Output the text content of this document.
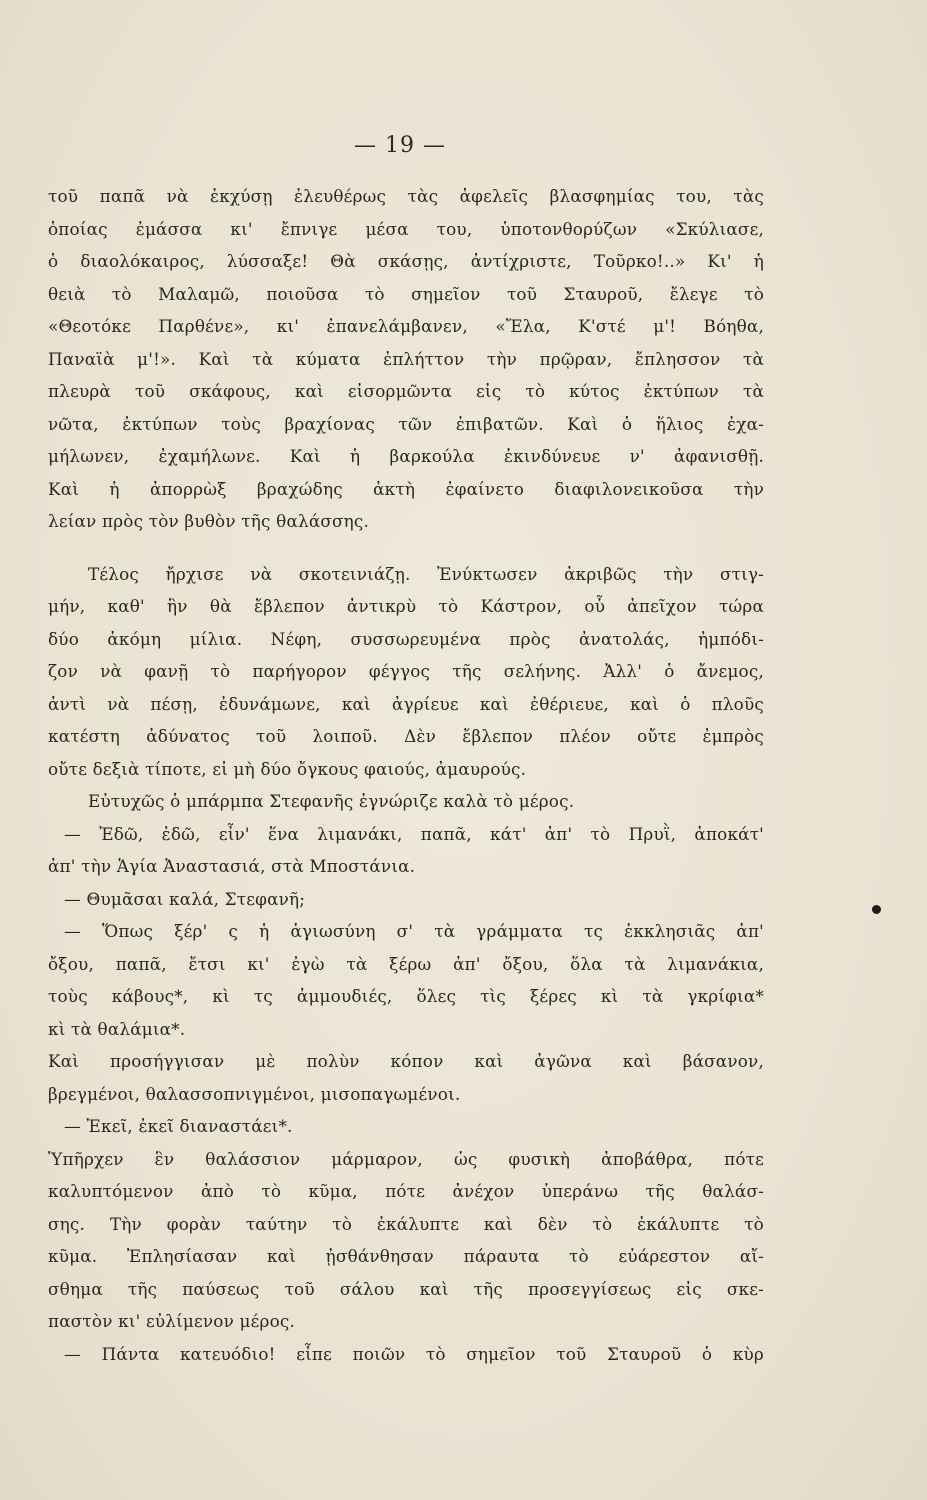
— 19 —
τοῦ παπᾶ νὰ ἐκχύσῃ ἐλευθέρως τὰς ἀφελεῖς βλασφημίας του, τὰς
ὁποίας ἐμάσσα κι' ἔπνιγε μέσα του, ὑποτονθορύζων «Σκύλιασε,
ὁ διαολόκαιρος, λύσσαξε! Θὰ σκάσῃς, ἀντίχριστε, Τοῦρκο!..» Κι' ἡ
θειὰ τὸ Μαλαμῶ, ποιοῦσα τὸ σημεῖον τοῦ Σταυροῦ, ἔλεγε τὸ
«Θεοτόκε Παρθένε», κι' ἐπανελάμβανεν, «Ἔλα, Κ'στέ μ'! Βόηθα,
Παναϊὰ μ'!». Καὶ τὰ κύματα ἐπλήττον τὴν πρῷραν, ἔπλησσον τὰ
πλευρὰ τοῦ σκάφους, καὶ εἰσορμῶντα εἰς τὸ κύτος ἐκτύπων τὰ
νῶτα, ἐκτύπων τοὺς βραχίονας τῶν ἐπιβατῶν. Καὶ ὁ ἥλιος ἐχα-
μήλωνεν, ἐχαμήλωνε. Καὶ ἡ βαρκούλα ἐκινδύνευε ν' ἀφανισθῇ.
Καὶ ἡ ἀπορρὼξ βραχώδης ἀκτὴ ἐφαίνετο διαφιλονεικοῦσα τὴν
λείαν πρὸς τὸν βυθὸν τῆς θαλάσσης.
Τέλος ἤρχισε νὰ σκοτεινιάζῃ. Ἐνύκτωσεν ἀκριβῶς τὴν στιγ-
μήν, καθ' ἣν θὰ ἔβλεπον ἀντικρὺ τὸ Κάστρον, οὗ ἀπεῖχον τώρα
δύο ἀκόμη μίλια. Νέφη, συσσωρευμένα πρὸς ἀνατολάς, ἠμπόδι-
ζον νὰ φανῇ τὸ παρήγορον φέγγος τῆς σελήνης. Ἀλλ' ὁ ἄνεμος,
ἀντὶ νὰ πέσῃ, ἐδυνάμωνε, καὶ ἀγρίευε καὶ ἐθέριευε, καὶ ὁ πλοῦς
κατέστη ἀδύνατος τοῦ λοιποῦ. Δὲν ἔβλεπον πλέον οὔτε ἐμπρὸς
οὔτε δεξιὰ τίποτε, εἰ μὴ δύο ὄγκους φαιούς, ἀμαυρούς.
Εὐτυχῶς ὁ μπάρμπα Στεφανῆς ἐγνώριζε καλὰ τὸ μέρος.
— Ἐδῶ, ἐδῶ, εἶν' ἕνα λιμανάκι, παπᾶ, κάτ' ἀπ' τὸ Πρυῒ, ἀποκάτ'
ἀπ' τὴν Ἁγία Ἀναστασιά, στὰ Μποστάνια.
— Θυμᾶσαι καλά, Στεφανῆ;
— Ὅπως ξέρ' ς ἡ ἁγιωσύνη σ' τὰ γράμματα τς ἐκκλησιᾶς ἀπ'
ὄξου, παπᾶ, ἔτσι κι' ἐγὼ τὰ ξέρω ἀπ' ὄξου, ὅλα τὰ λιμανάκια,
τοὺς κάβους*, κὶ τς ἀμμουδιές, ὅλες τὶς ξέρες κὶ τὰ γκρίφια*
κὶ τὰ θαλάμια*.
Καὶ προσήγγισαν μὲ πολὺν κόπον καὶ ἀγῶνα καὶ βάσανον,
βρεγμένοι, θαλασσοπνιγμένοι, μισοπαγωμένοι.
— Ἐκεῖ, ἐκεῖ διαναστάει*.
Ὑπῆρχεν ἓν θαλάσσιον μάρμαρον, ὡς φυσικὴ ἀποβάθρα, πότε
καλυπτόμενον ἀπὸ τὸ κῦμα, πότε ἀνέχον ὑπεράνω τῆς θαλάσ-
σης. Τὴν φορὰν ταύτην τὸ ἐκάλυπτε καὶ δὲν τὸ ἐκάλυπτε τὸ
κῦμα. Ἐπλησίασαν καὶ ᾐσθάνθησαν πάραυτα τὸ εὐάρεστον αἴ-
σθημα τῆς παύσεως τοῦ σάλου καὶ τῆς προσεγγίσεως εἰς σκε-
παστὸν κι' εὐλίμενον μέρος.
— Πάντα κατευόδιο! εἶπε ποιῶν τὸ σημεῖον τοῦ Σταυροῦ ὁ κὺρ
